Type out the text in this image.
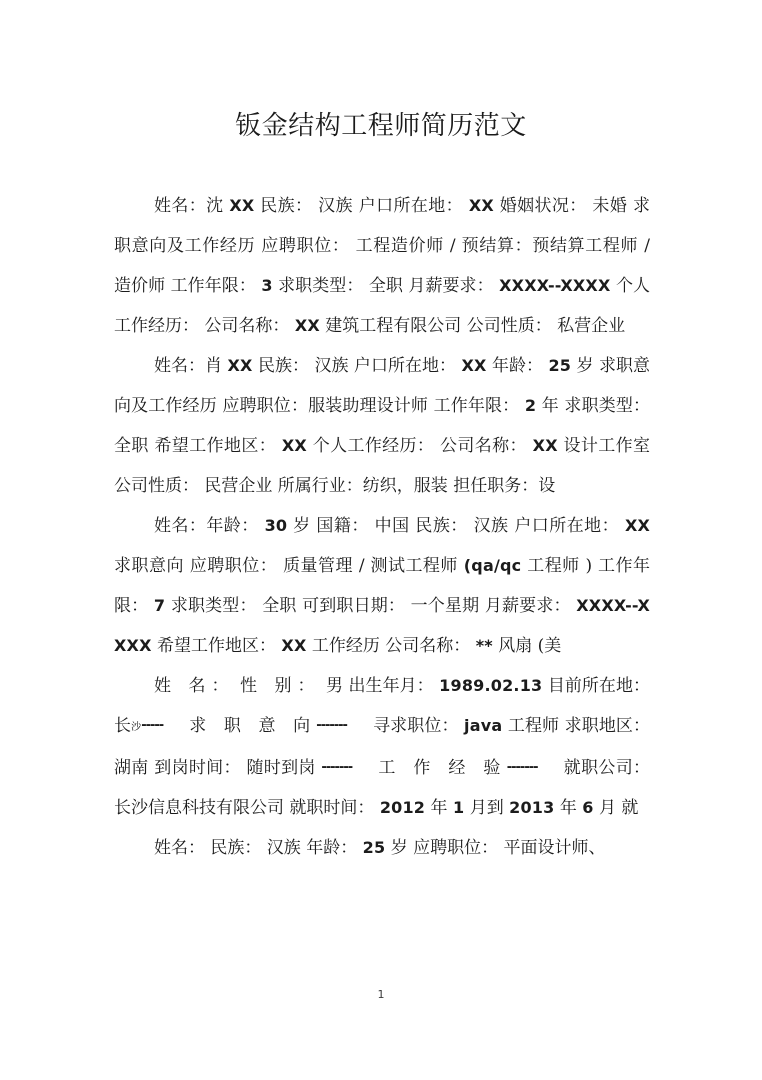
钣金结构工程师简历范文

姓名：沈 XX 民族： 汉族 户口所在地： XX 婚姻状况： 未婚 求职意向及工作经历 应聘职位： 工程造价师 / 预结算：预结算工程师 / 造价师 工作年限： 3 求职类型： 全职 月薪要求： XXXX--XXXX 个人工作经历： 公司名称： XX 建筑工程有限公司 公司性质： 私营企业

姓名：肖 XX 民族： 汉族 户口所在地： XX 年龄： 25 岁 求职意向及工作经历 应聘职位：服装助理设计师 工作年限： 2 年 求职类型： 全职 希望工作地区： XX 个人工作经历： 公司名称： XX 设计工作室 公司性质： 民营企业 所属行业：纺织，服装 担任职务：设

姓名：年龄： 30 岁 国籍： 中国 民族： 汉族 户口所在地： XX 求职意向 应聘职位： 质量管理 / 测试工程师 (qa/qc 工程师 ) 工作年限： 7 求职类型： 全职 可到职日期： 一个星期 月薪要求： XXXX--XXXX 希望工作地区： XX 工作经历 公司名称： ** 风扇 (美

姓 名： 性 别： 男 出生年月： 1989.02.13 目前所在地： 长沙----- 求 职 意 向------- 寻求职位： java 工程师 求职地区：湖南 到岗时间： 随时到岗 ------- 工 作 经 验------- 就职公司：长沙信息科技有限公司 就职时间： 2012 年 1 月到 2013 年 6 月 就

姓名： 民族： 汉族 年龄： 25 岁 应聘职位： 平面设计师、

1
